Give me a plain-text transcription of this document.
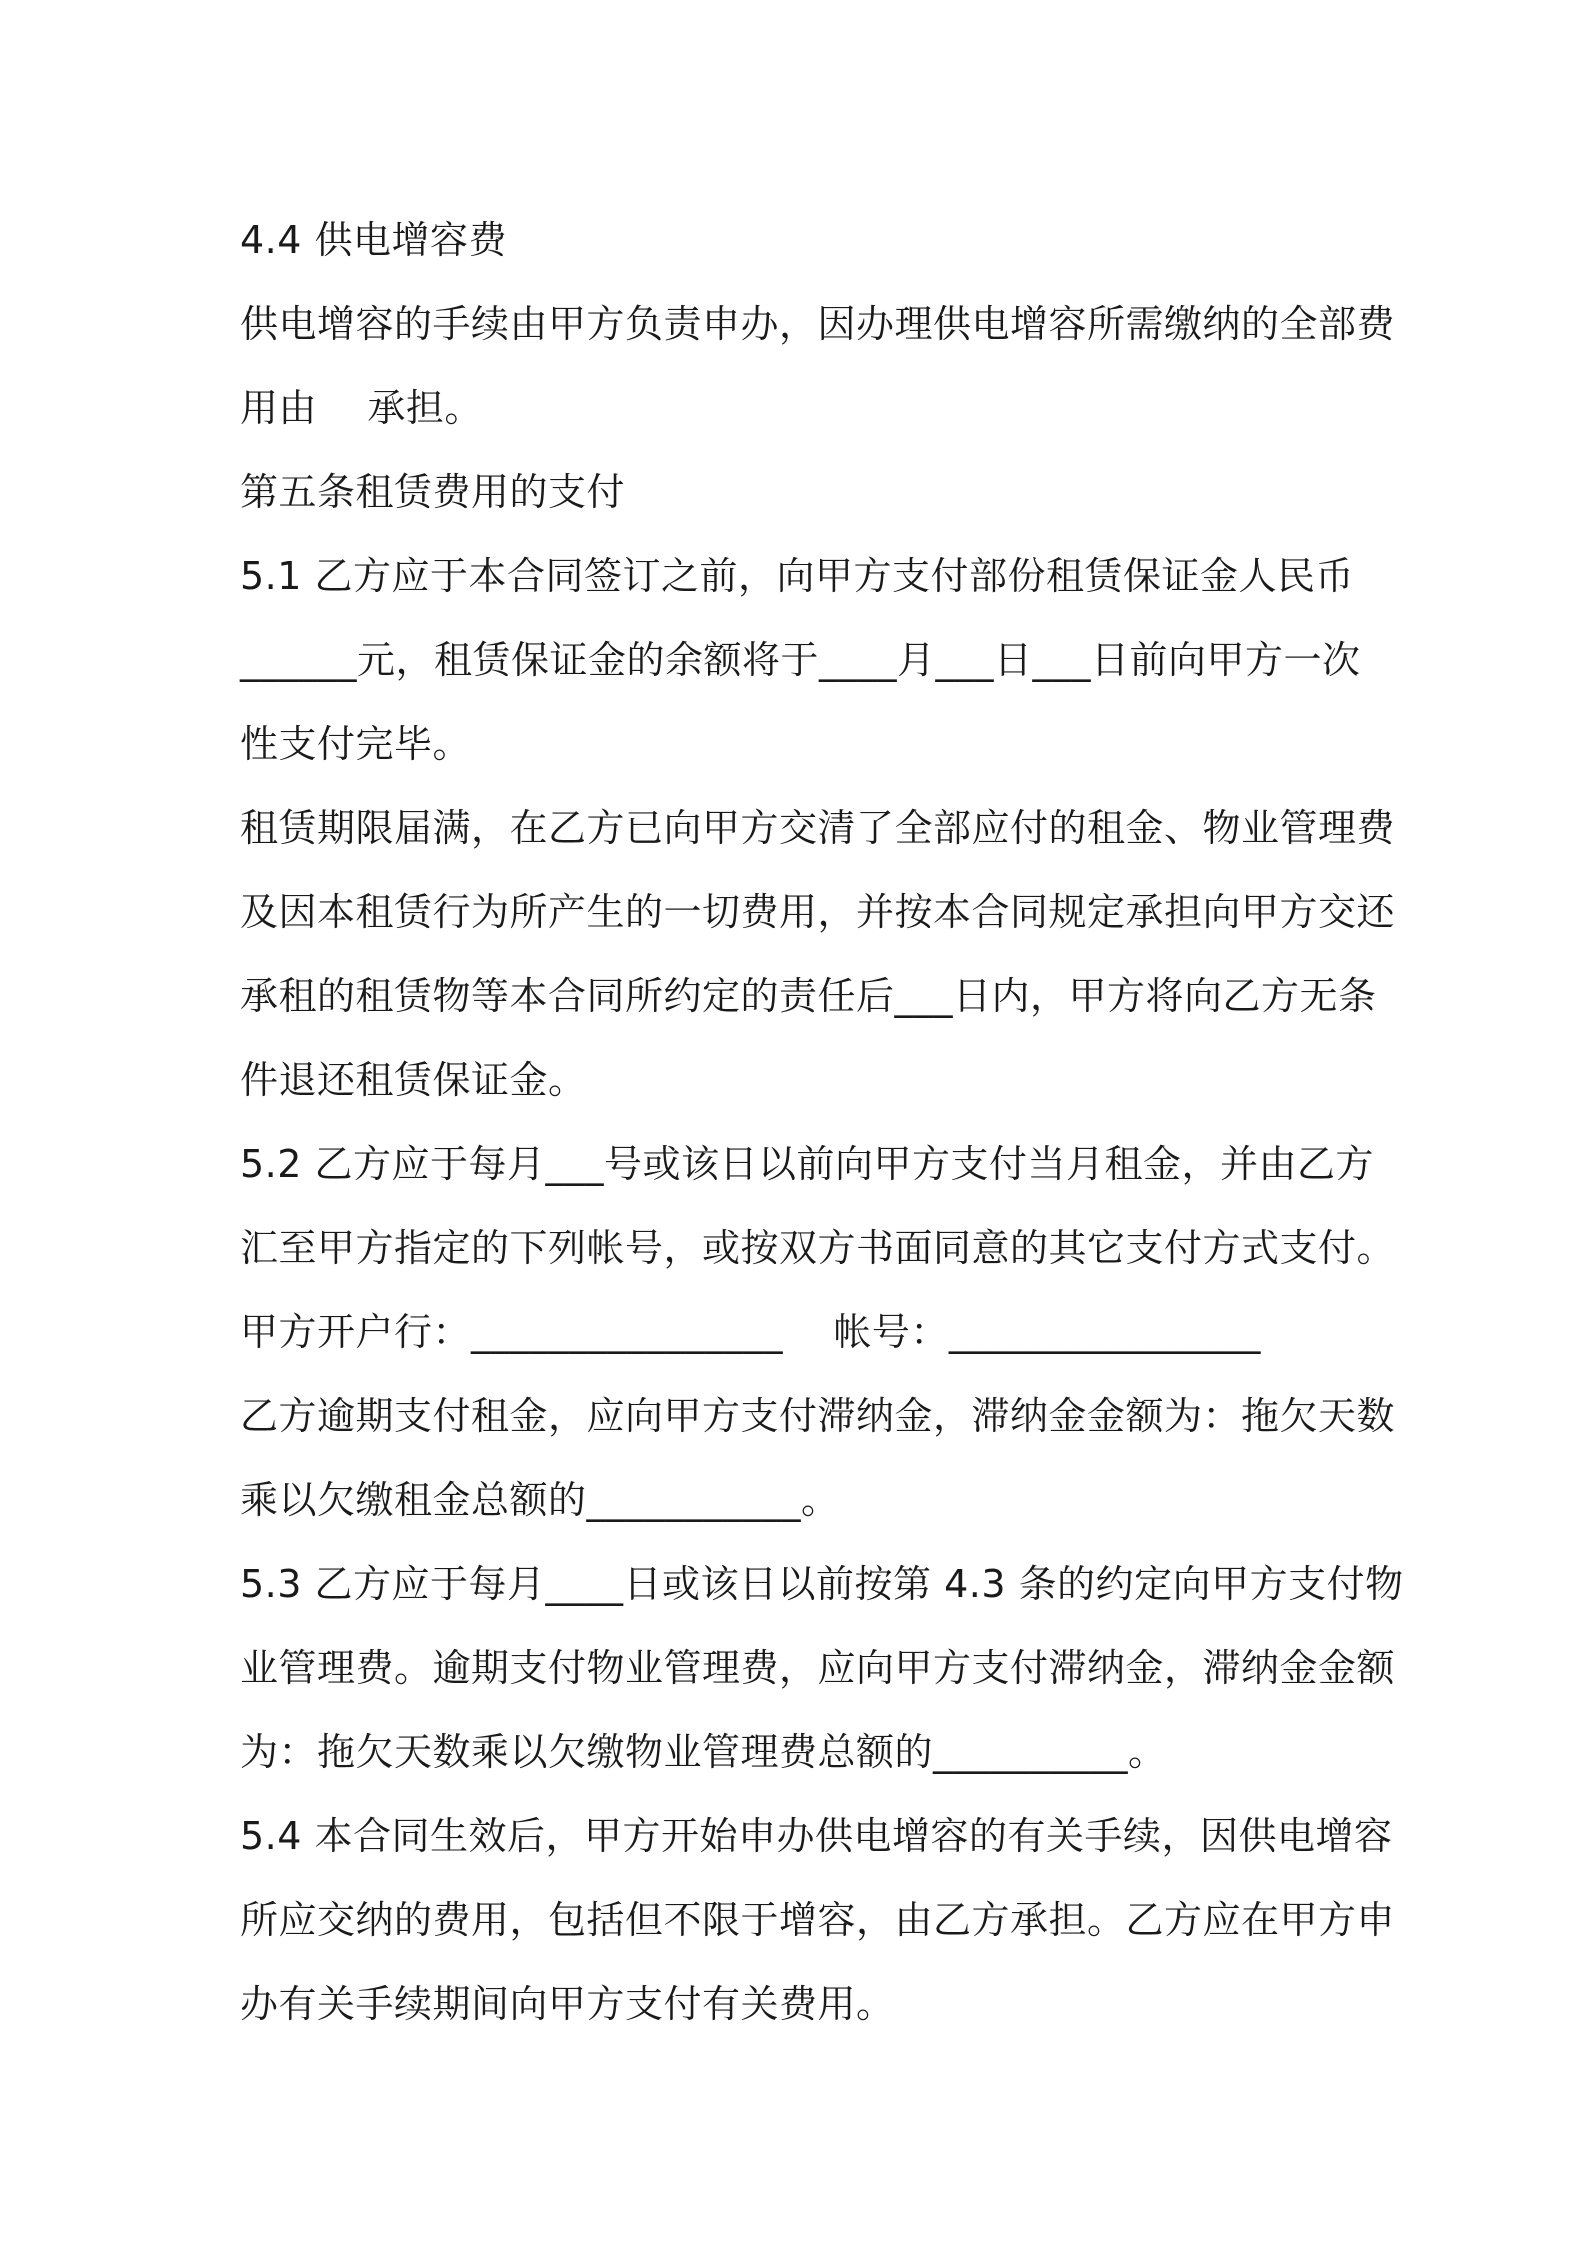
4.4 供电增容费
供电增容的手续由甲方负责申办，因办理供电增容所需缴纳的全部费
用由    承担。
第五条租赁费用的支付
5.1 乙方应于本合同签订之前，向甲方支付部份租赁保证金人民币
______元，租赁保证金的余额将于____月___日___日前向甲方一次
性支付完毕。
租赁期限届满，在乙方已向甲方交清了全部应付的租金、物业管理费
及因本租赁行为所产生的一切费用，并按本合同规定承担向甲方交还
承租的租赁物等本合同所约定的责任后___日内，甲方将向乙方无条
件退还租赁保证金。
5.2 乙方应于每月___号或该日以前向甲方支付当月租金，并由乙方
汇至甲方指定的下列帐号，或按双方书面同意的其它支付方式支付。
甲方开户行：________________    帐号：________________
乙方逾期支付租金，应向甲方支付滞纳金，滞纳金金额为：拖欠天数
乘以欠缴租金总额的___________。
5.3 乙方应于每月____日或该日以前按第 4.3 条的约定向甲方支付物
业管理费。逾期支付物业管理费，应向甲方支付滞纳金，滞纳金金额
为：拖欠天数乘以欠缴物业管理费总额的__________。
5.4 本合同生效后，甲方开始申办供电增容的有关手续，因供电增容
所应交纳的费用，包括但不限于增容，由乙方承担。乙方应在甲方申
办有关手续期间向甲方支付有关费用。
